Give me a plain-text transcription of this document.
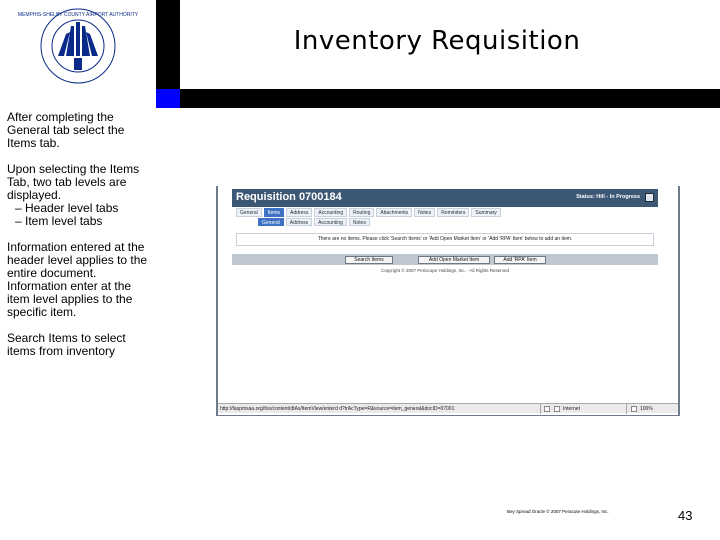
MEMPHIS-SHELBY COUNTY AIRPORT AUTHORITY
Inventory Requisition

After completing the General tab select the Items tab.

Upon selecting the Items Tab, two tab levels are displayed.
– Header level tabs
– Item level tabs

Information entered at the header level applies to the entire document. Information enter at the item level applies to the specific item.

Search Items to select items from inventory

Requisition 0700184	Status: Hill - In Progress
General	Items	Address	Accounting	Routing	Attachments	Notes	Reminders	Summary
General	Address	Accounting	Notes
There are no items. Please click 'Search Items' or 'Add Open Market Item' or 'Add 'RPA' Item' below to add an item.
Search Items	Add Open Market Item	Add 'RPA' Item
Copyright © 2007 Periscope Holdings, Inc. - All Rights Reserved
http://faspmsaa.org/foo/content/dtAs/ItemView/enterd d?trAcType=R&source=item_general&docID=07001	Internet	100%
Bey Spread Oracle © 2007 Peracute Holdings, Inc.	43
